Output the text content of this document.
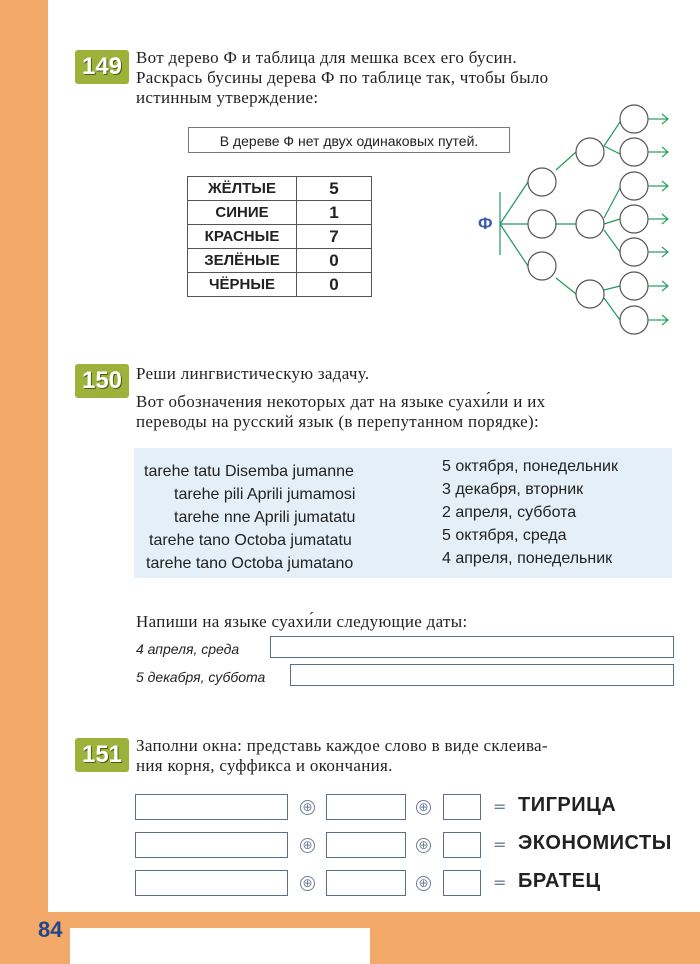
84
149 Вот дерево Ф и таблица для мешка всех его бусин.
Раскрась бусины дерева Ф по таблице так, чтобы было
истинным утверждение:
В дереве Ф нет двух одинаковых путей.
ЖЁЛТЫЕ	5
СИНИЕ	1
КРАСНЫЕ	7
ЗЕЛЁНЫЕ	0
ЧЁРНЫЕ	0
Ф
150 Реши лингвистическую задачу.
Вот обозначения некоторых дат на языке суахи́ли и их
переводы на русский язык (в перепутанном порядке):
tarehe tatu Disemba jumanne
tarehe pili Aprili jumamosi
tarehe nne Aprili jumatatu
tarehe tano Octoba jumatatu
tarehe tano Octoba jumatano
5 октября, понедельник
3 декабря, вторник
2 апреля, суббота
5 октября, среда
4 апреля, понедельник
Напиши на языке суахи́ли следующие даты:
4 апреля, среда
5 декабря, суббота
151 Заполни окна: представь каждое слово в виде склеива-
ния корня, суффикса и окончания.
⊕	⊕	= ТИГРИЦА
⊕	⊕	= ЭКОНОМИСТЫ
⊕	⊕	= БРАТЕЦ
